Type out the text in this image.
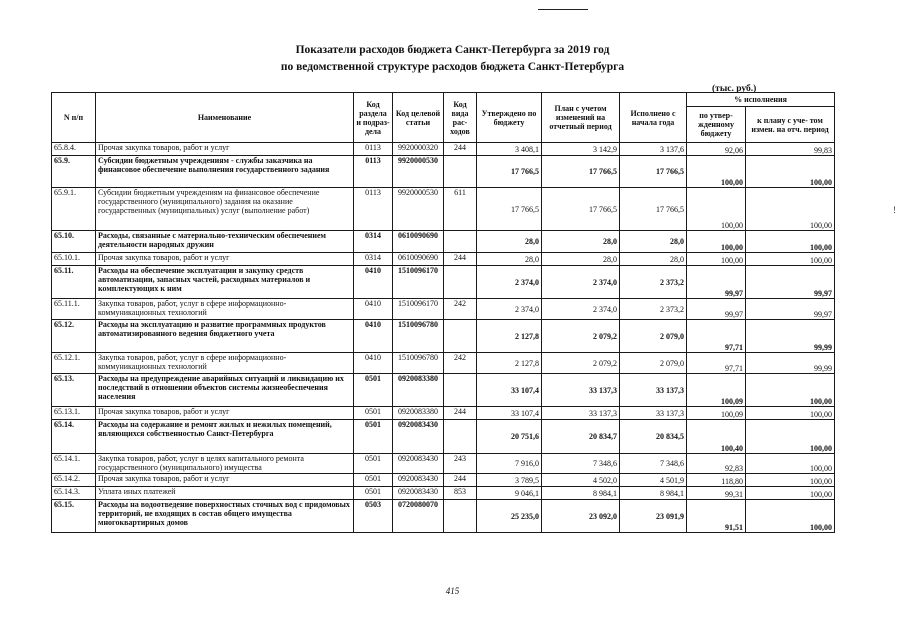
Показатели расходов бюджета Санкт-Петербурга за 2019 год
по ведомственной структуре расходов бюджета Санкт-Петербурга
(тыс. руб.)
N п/п	Наименование	Код раздела и подраз- дела	Код целевой статьи	Код вида рас- ходов	Утверждено по бюджету	План с учетом изменений на отчетный период	Исполнено с начала года	% исполнения	
								по утвер- жденному бюджету	к плану с уче- том измен. на отч. период
65.8.4.	Прочая закупка товаров, работ и услуг	0113	9920000320	244	3 408,1	3 142,9	3 137,6	92,06	99,83
65.9.	Субсидии бюджетным учреждениям - службы заказчика на финансовое обеспечение выполнения государственного задания	0113	9920000530		17 766,5	17 766,5	17 766,5	100,00	100,00
65.9.1.	Субсидии бюджетным учреждениям на финансовое обеспечение государственного (муниципального) задания на оказание государственных (муниципальных) услуг (выполнение работ)	0113	9920000530	611	17 766,5	17 766,5	17 766,5	100,00	100,00
65.10.	Расходы, связанные с материально-техническим обеспечением деятельности народных дружин	0314	0610090690		28,0	28,0	28,0	100,00	100,00
65.10.1.	Прочая закупка товаров, работ и услуг	0314	0610090690	244	28,0	28,0	28,0	100,00	100,00
65.11.	Расходы на обеспечение эксплуатации и закупку средств автоматизации, запасных частей, расходных материалов и комплектующих к ним	0410	1510096170		2 374,0	2 374,0	2 373,2	99,97	99,97
65.11.1.	Закупка товаров, работ, услуг в сфере информационно-коммуникационных технологий	0410	1510096170	242	2 374,0	2 374,0	2 373,2	99,97	99,97
65.12.	Расходы на эксплуатацию и развитие программных продуктов автоматизированного ведения бюджетного учета	0410	1510096780		2 127,8	2 079,2	2 079,0	97,71	99,99
65.12.1.	Закупка товаров, работ, услуг в сфере информационно-коммуникационных технологий	0410	1510096780	242	2 127,8	2 079,2	2 079,0	97,71	99,99
65.13.	Расходы на предупреждение аварийных ситуаций и ликвидацию их последствий в отношении объектов системы жизнеобеспечения населения	0501	0920083380		33 107,4	33 137,3	33 137,3	100,09	100,00
65.13.1.	Прочая закупка товаров, работ и услуг	0501	0920083380	244	33 107,4	33 137,3	33 137,3	100,09	100,00
65.14.	Расходы на содержание и ремонт жилых и нежилых помещений, являющихся собственностью Санкт-Петербурга	0501	0920083430		20 751,6	20 834,7	20 834,5	100,40	100,00
65.14.1.	Закупка товаров, работ, услуг в целях капитального ремонта государственного (муниципального) имущества	0501	0920083430	243	7 916,0	7 348,6	7 348,6	92,83	100,00
65.14.2.	Прочая закупка товаров, работ и услуг	0501	0920083430	244	3 789,5	4 502,0	4 501,9	118,80	100,00
65.14.3.	Уплата иных платежей	0501	0920083430	853	9 046,1	8 984,1	8 984,1	99,31	100,00
65.15.	Расходы на водоотведение поверхностных сточных вод с придомовых территорий, не входящих в состав общего имущества многоквартирных домов	0503	0720080070		25 235,0	23 092,0	23 091,9	91,51	100,00
415
!
